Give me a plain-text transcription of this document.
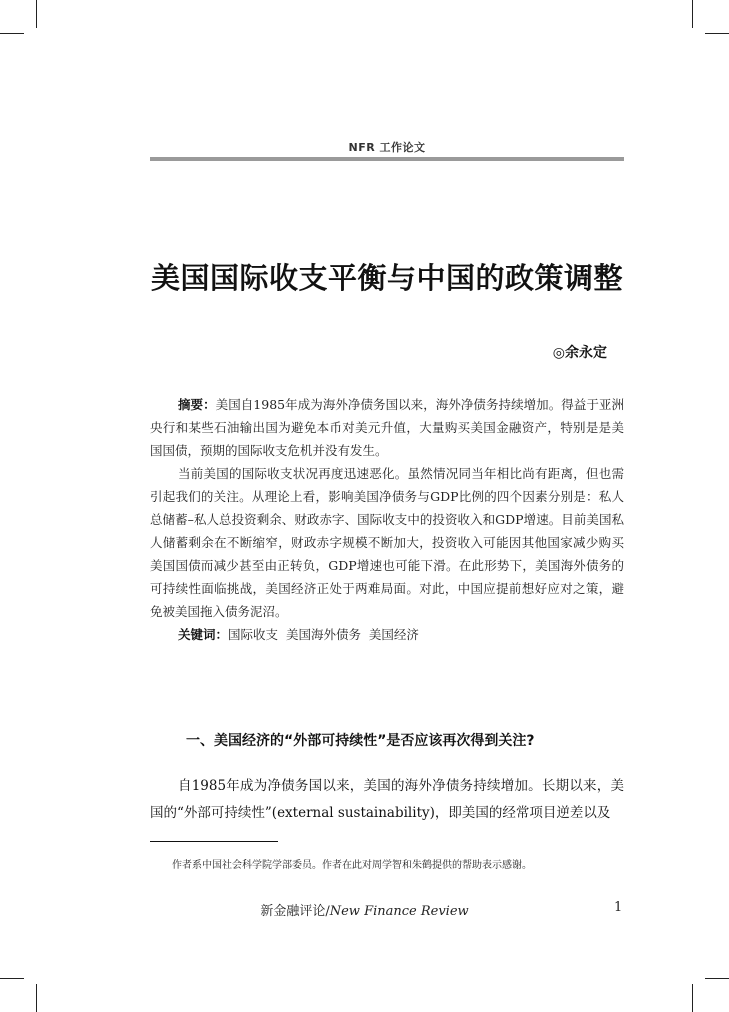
NFR 工作论文
美国国际收支平衡与中国的政策调整
◎余永定

摘要：美国自1985年成为海外净债务国以来，海外净债务持续增加。得益于亚洲央行和某些石油输出国为避免本币对美元升值，大量购买美国金融资产，特别是是美国国债，预期的国际收支危机并没有发生。

当前美国的国际收支状况再度迅速恶化。虽然情况同当年相比尚有距离，但也需引起我们的关注。从理论上看，影响美国净债务与GDP比例的四个因素分别是：私人总储蓄–私人总投资剩余、财政赤字、国际收支中的投资收入和GDP增速。目前美国私人储蓄剩余在不断缩窄，财政赤字规模不断加大，投资收入可能因其他国家减少购买美国国债而减少甚至由正转负，GDP增速也可能下滑。在此形势下，美国海外债务的可持续性面临挑战，美国经济正处于两难局面。对此，中国应提前想好应对之策，避免被美国拖入债务泥沼。

关键词：国际收支  美国海外债务  美国经济

一、美国经济的“外部可持续性”是否应该再次得到关注?

自1985年成为净债务国以来，美国的海外净债务持续增加。长期以来，美国的“外部可持续性”(external sustainability)，即美国的经常项目逆差以及

作者系中国社会科学院学部委员。作者在此对周学智和朱鹤提供的帮助表示感谢。
新金融评论/New Finance Review	1
